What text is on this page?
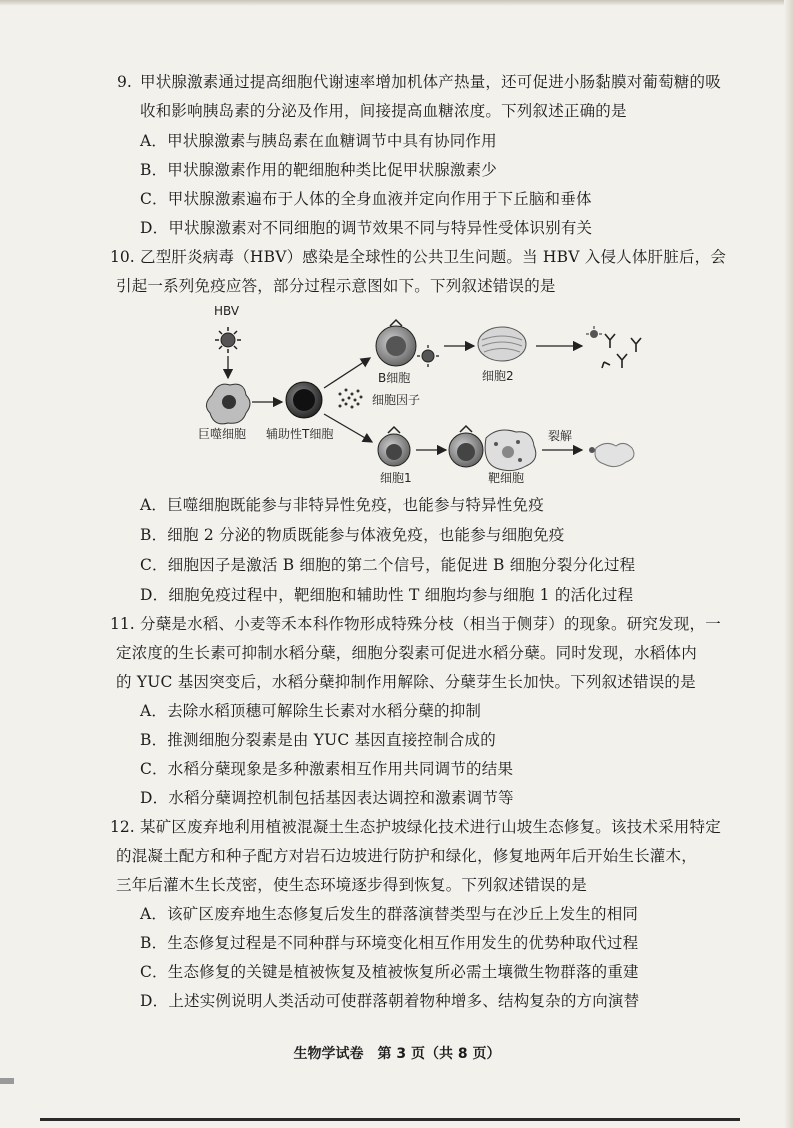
9. 甲状腺激素通过提高细胞代谢速率增加机体产热量，还可促进小肠黏膜对葡萄糖的吸
收和影响胰岛素的分泌及作用，间接提高血糖浓度。下列叙述正确的是
A．甲状腺激素与胰岛素在血糖调节中具有协同作用
B．甲状腺激素作用的靶细胞种类比促甲状腺激素少
C．甲状腺激素遍布于人体的全身血液并定向作用于下丘脑和垂体
D．甲状腺激素对不同细胞的调节效果不同与特异性受体识别有关
10. 乙型肝炎病毒（HBV）感染是全球性的公共卫生问题。当 HBV 入侵人体肝脏后，会
引起一系列免疫应答，部分过程示意图如下。下列叙述错误的是
HBV
巨噬细胞 辅助性T细胞
B细胞
细胞因子
细胞2
细胞1	靶细胞
裂解
A．巨噬细胞既能参与非特异性免疫，也能参与特异性免疫
B．细胞 2 分泌的物质既能参与体液免疫，也能参与细胞免疫
C．细胞因子是激活 B 细胞的第二个信号，能促进 B 细胞分裂分化过程
D．细胞免疫过程中，靶细胞和辅助性 T 细胞均参与细胞 1 的活化过程
11. 分蘖是水稻、小麦等禾本科作物形成特殊分枝（相当于侧芽）的现象。研究发现，一
定浓度的生长素可抑制水稻分蘖，细胞分裂素可促进水稻分蘖。同时发现，水稻体内
的 YUC 基因突变后，水稻分蘖抑制作用解除、分蘖芽生长加快。下列叙述错误的是
A．去除水稻顶穗可解除生长素对水稻分蘖的抑制
B．推测细胞分裂素是由 YUC 基因直接控制合成的
C．水稻分蘖现象是多种激素相互作用共同调节的结果
D．水稻分蘖调控机制包括基因表达调控和激素调节等
12. 某矿区废弃地利用植被混凝土生态护坡绿化技术进行山坡生态修复。该技术采用特定
的混凝土配方和种子配方对岩石边坡进行防护和绿化，修复地两年后开始生长灌木，
三年后灌木生长茂密，使生态环境逐步得到恢复。下列叙述错误的是
A．该矿区废弃地生态修复后发生的群落演替类型与在沙丘上发生的相同
B．生态修复过程是不同种群与环境变化相互作用发生的优势种取代过程
C．生态修复的关键是植被恢复及植被恢复所必需土壤微生物群落的重建
D．上述实例说明人类活动可使群落朝着物种增多、结构复杂的方向演替
生物学试卷　第 3 页（共 8 页）
